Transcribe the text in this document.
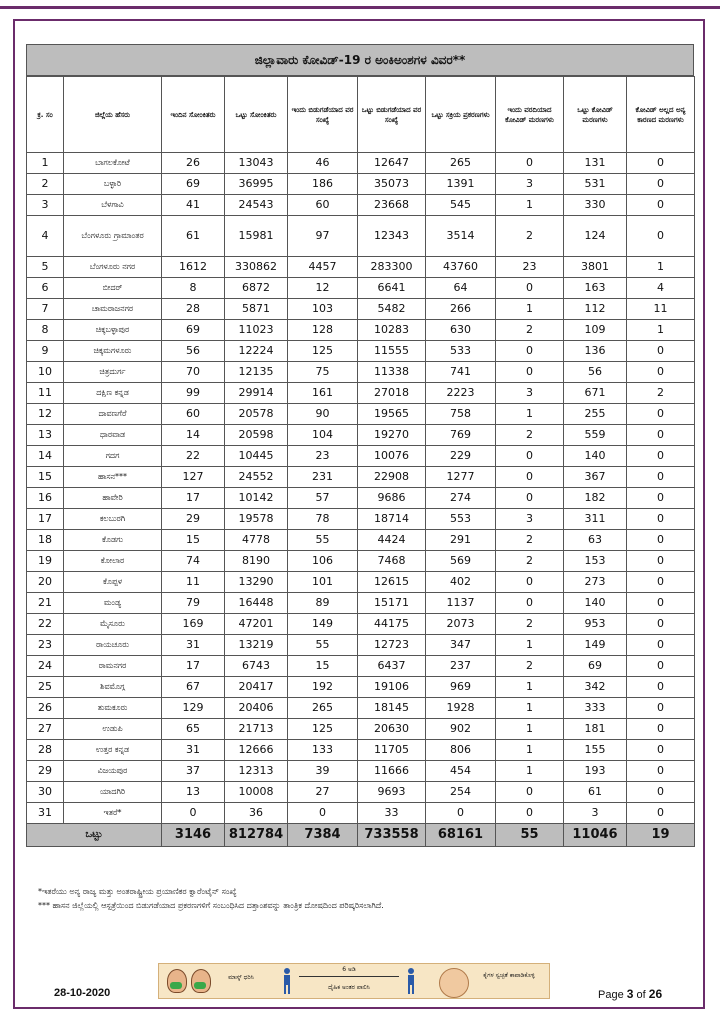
ಜಿಲ್ಲಾವಾರು ಕೋವಿಡ್-19 ರ ಅಂಕಿಅಂಶಗಳ ವಿವರ**
ಕ್ರ. ಸಂ	ಜಿಲ್ಲೆಯ ಹೆಸರು	ಇಂದಿನ ಸೋಂಕಿತರು	ಒಟ್ಟು ಸೋಂಕಿತರು	ಇಂದು ಬಿಡುಗಡೆಯಾದ ವರ ಸಂಖ್ಯೆ	ಒಟ್ಟು ಬಿಡುಗಡೆಯಾದ ವರ ಸಂಖ್ಯೆ	ಒಟ್ಟು ಸಕ್ರಿಯ ಪ್ರಕರಣಗಳು	ಇಂದು ವರದಿಯಾದ ಕೋವಿಡ್ ಮರಣಗಳು	ಒಟ್ಟು ಕೋವಿಡ್ ಮರಣಗಳು	ಕೋವಿಡ್ ಅಲ್ಲದ ಅನ್ಯ ಕಾರಣದ ಮರಣಗಳು
1	ಬಾಗಲಕೋಟೆ	26	13043	46	12647	265	0	131	0
2	ಬಳ್ಳಾರಿ	69	36995	186	35073	1391	3	531	0
3	ಬೆಳಗಾವಿ	41	24543	60	23668	545	1	330	0
4	ಬೆಂಗಳೂರು ಗ್ರಾಮಾಂತರ	61	15981	97	12343	3514	2	124	0
5	ಬೆಂಗಳೂರು ನಗರ	1612	330862	4457	283300	43760	23	3801	1
6	ಬೀದರ್	8	6872	12	6641	64	0	163	4
7	ಚಾಮರಾಜನಗರ	28	5871	103	5482	266	1	112	11
8	ಚಿಕ್ಕಬಳ್ಳಾಪುರ	69	11023	128	10283	630	2	109	1
9	ಚಿಕ್ಕಮಗಳೂರು	56	12224	125	11555	533	0	136	0
10	ಚಿತ್ರದುರ್ಗ	70	12135	75	11338	741	0	56	0
11	ದಕ್ಷಿಣ ಕನ್ನಡ	99	29914	161	27018	2223	3	671	2
12	ದಾವಣಗೆರೆ	60	20578	90	19565	758	1	255	0
13	ಧಾರವಾಡ	14	20598	104	19270	769	2	559	0
14	ಗದಗ	22	10445	23	10076	229	0	140	0
15	ಹಾಸನ***	127	24552	231	22908	1277	0	367	0
16	ಹಾವೇರಿ	17	10142	57	9686	274	0	182	0
17	ಕಲಬುರಗಿ	29	19578	78	18714	553	3	311	0
18	ಕೊಡಗು	15	4778	55	4424	291	2	63	0
19	ಕೋಲಾರ	74	8190	106	7468	569	2	153	0
20	ಕೊಪ್ಪಳ	11	13290	101	12615	402	0	273	0
21	ಮಂಡ್ಯ	79	16448	89	15171	1137	0	140	0
22	ಮೈಸೂರು	169	47201	149	44175	2073	2	953	0
23	ರಾಯಚೂರು	31	13219	55	12723	347	1	149	0
24	ರಾಮನಗರ	17	6743	15	6437	237	2	69	0
25	ಶಿವಮೊಗ್ಗ	67	20417	192	19106	969	1	342	0
26	ತುಮಕೂರು	129	20406	265	18145	1928	1	333	0
27	ಉಡುಪಿ	65	21713	125	20630	902	1	181	0
28	ಉತ್ತರ ಕನ್ನಡ	31	12666	133	11705	806	1	155	0
29	ವಿಜಯಪುರ	37	12313	39	11666	454	1	193	0
30	ಯಾದಗಿರಿ	13	10008	27	9693	254	0	61	0
31	ಇತರೆ*	0	36	0	33	0	0	3	0
ಒಟ್ಟು		3146	812784	7384	733558	68161	55	11046	19
*ಇತರೆಯು ಅನ್ಯ ರಾಜ್ಯ ಮತ್ತು ಅಂತರಾಷ್ಟ್ರೀಯ ಪ್ರಯಾಣಿಕರ ಕ್ವಾರೆಂಟೈನ್ ಸಂಖ್ಯೆ
*** ಹಾಸನ ಜಿಲ್ಲೆಯಲ್ಲಿ ಆಸ್ಪತ್ರೆಯಿಂದ ಬಿಡುಗಡೆಯಾದ ಪ್ರಕರಣಗಳಿಗೆ ಸಂಬಂಧಿಸಿದ ದತ್ತಾಂಶವನ್ನು ತಾಂತ್ರಿಕ ದೋಷದಿಂದ ಪರಿಷ್ಕರಿಸಲಾಗಿದೆ.
ಮಾಸ್ಕ್ ಧರಿಸಿ
6 ಅಡಿ
ದೈಹಿಕ ಅಂತರ ಪಾಲಿಸಿ
ಕೈಗಳ ಸ್ವಚ್ಛತೆ ಕಾಪಾಡಿಕೊಳ್ಳಿ
28-10-2020	Page 3 of 26
